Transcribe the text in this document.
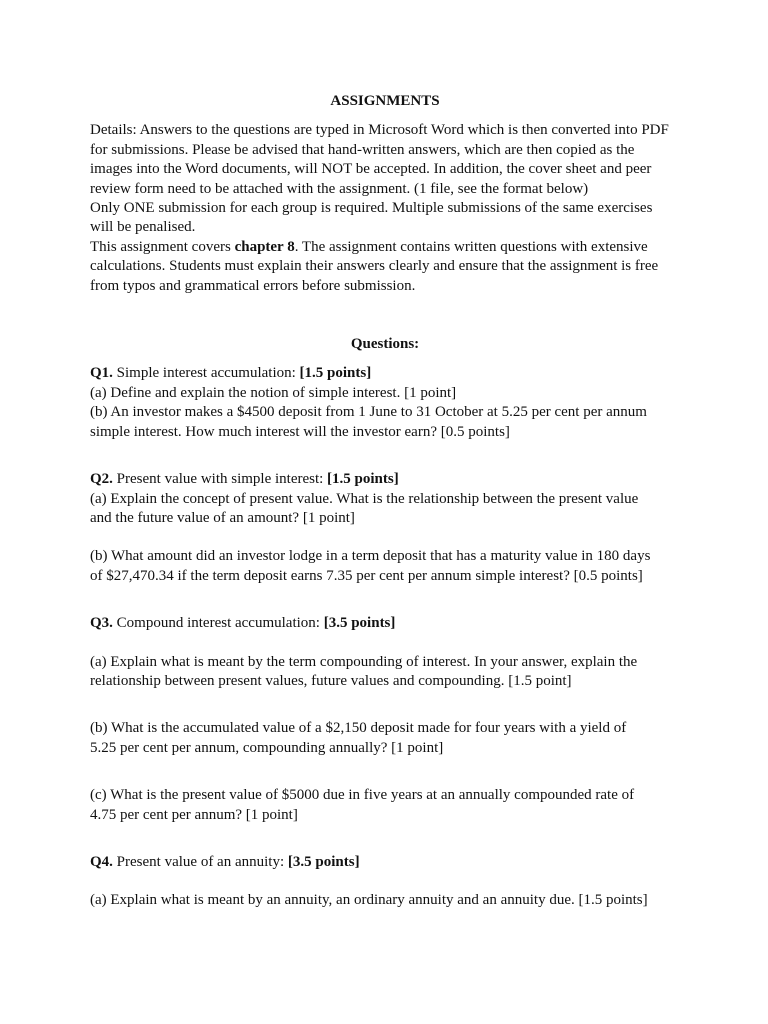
ASSIGNMENTS

Details: Answers to the questions are typed in Microsoft Word which is then converted into PDF
for submissions. Please be advised that hand-written answers, which are then copied as the
images into the Word documents, will NOT be accepted. In addition, the cover sheet and peer
review form need to be attached with the assignment. (1 file, see the format below)
Only ONE submission for each group is required. Multiple submissions of the same exercises
will be penalised.
This assignment covers chapter 8. The assignment contains written questions with extensive
calculations. Students must explain their answers clearly and ensure that the assignment is free
from typos and grammatical errors before submission.

Questions:

Q1. Simple interest accumulation: [1.5 points]
(a) Define and explain the notion of simple interest. [1 point]
(b) An investor makes a $4500 deposit from 1 June to 31 October at 5.25 per cent per annum
simple interest. How much interest will the investor earn? [0.5 points]
Q2. Present value with simple interest: [1.5 points]
(a) Explain the concept of present value. What is the relationship between the present value
and the future value of an amount? [1 point]
(b) What amount did an investor lodge in a term deposit that has a maturity value in 180 days
of $27,470.34 if the term deposit earns 7.35 per cent per annum simple interest? [0.5 points]
Q3. Compound interest accumulation: [3.5 points]
(a) Explain what is meant by the term compounding of interest. In your answer, explain the
relationship between present values, future values and compounding. [1.5 point]
(b) What is the accumulated value of a $2,150 deposit made for four years with a yield of
5.25 per cent per annum, compounding annually? [1 point]
(c) What is the present value of $5000 due in five years at an annually compounded rate of
4.75 per cent per annum? [1 point]
Q4. Present value of an annuity: [3.5 points]
(a) Explain what is meant by an annuity, an ordinary annuity and an annuity due. [1.5 points]
